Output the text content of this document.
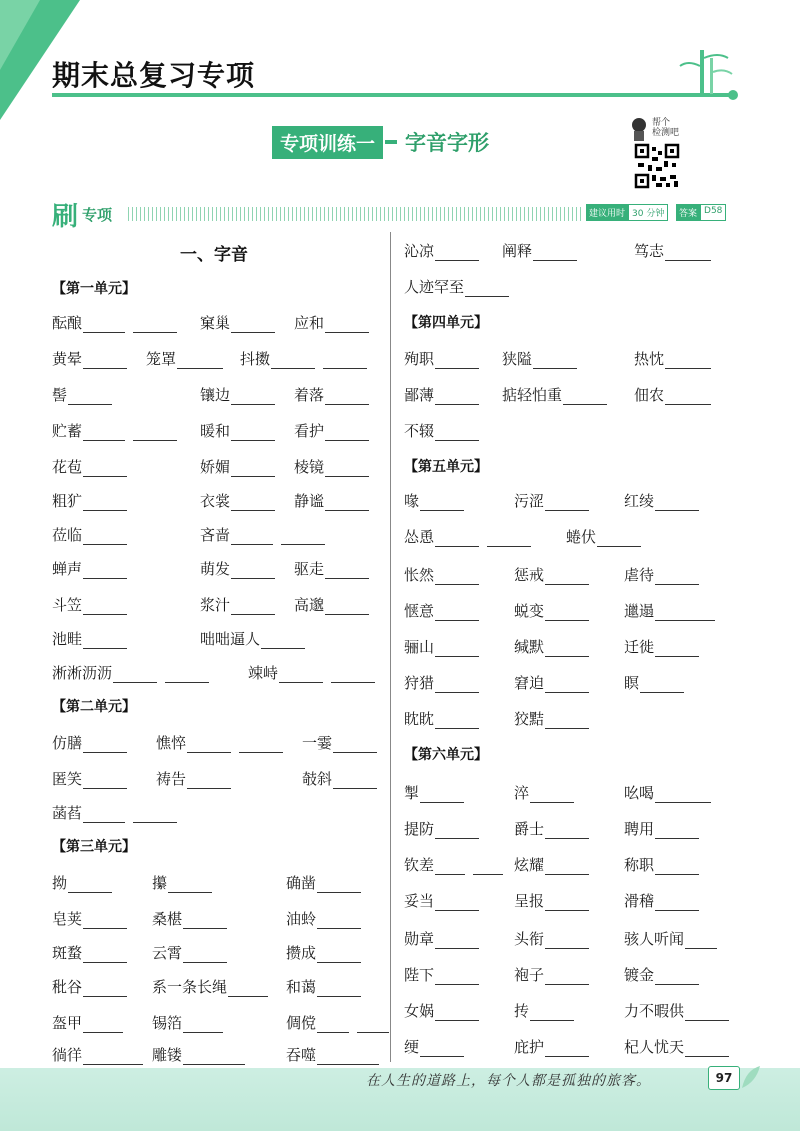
期末总复习专项
专项训练一	字音字形
帮个
检测吧
刷 专项	建议用时 30 分钟	答案 D58
一、字音
【第一单元】
酝酿	窠巢	应和
黄晕	笼罩	抖擞
髻	镶边	着落
贮蓄	暖和	看护
花苞	娇媚	棱镜
粗犷	衣裳	静谧
莅临	吝啬
蝉声	萌发	驱走
斗笠	浆汁	高邈
池畦	咄咄逼人
淅淅沥沥	竦峙
【第二单元】
仿膳	憔悴	一霎
匿笑	祷告	攲斜
菡萏
【第三单元】
拗	攥	确凿
皂荚	桑椹	油蛉
斑蝥	云霄	攒成
秕谷	系一条长绳	和蔼
盔甲	锡箔	倜傥
徜徉	雕镂	吞噬
沁凉	阐释	笃志
人迹罕至
【第四单元】
殉职	狭隘	热忱
鄙薄	掂轻怕重	佃农
不辍
【第五单元】
喙	污涩	红绫
怂恿	蜷伏
怅然	惩戒	虐待
惬意	蜕变	邋遢
骊山	缄默	迁徙
狩猎	窘迫	瞑
眈眈	狡黠
【第六单元】
掣	淬	吆喝
提防	爵士	聘用
钦差	炫耀	称职
妥当	呈报	滑稽
勋章	头衔	骇人听闻
陛下	袍子	镀金
女娲	抟	力不暇供
绠	庇护	杞人忧天
在人生的道路上，每个人都是孤独的旅客。	97
